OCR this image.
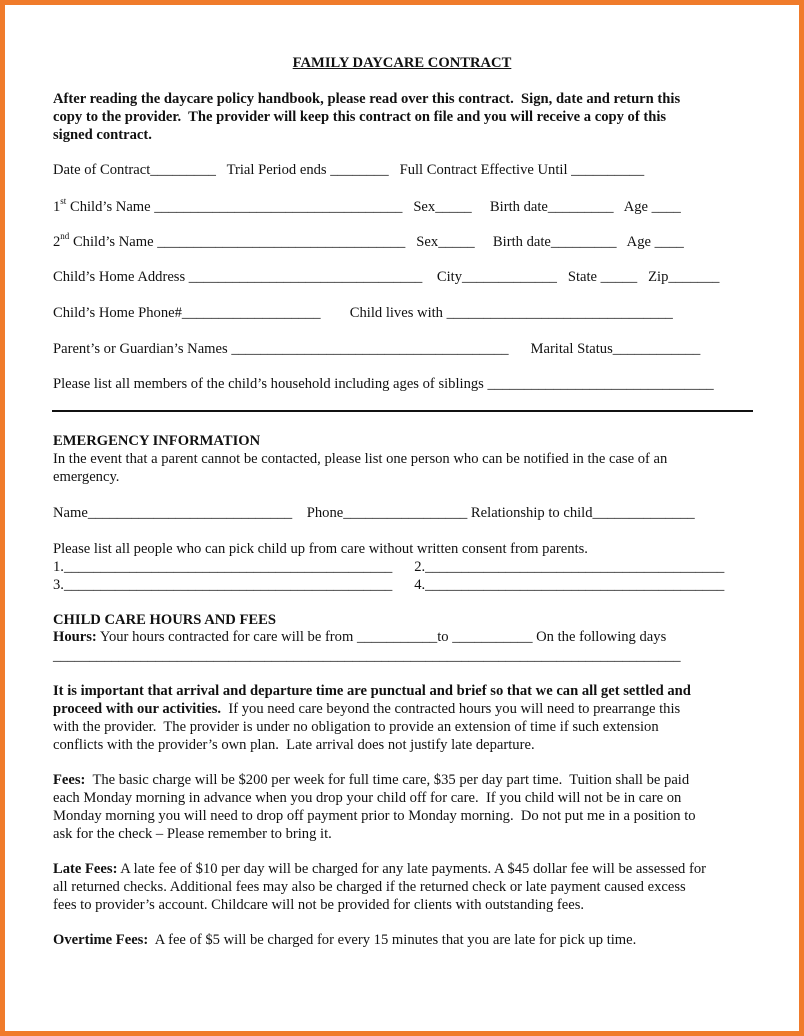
FAMILY DAYCARE CONTRACT
After reading the daycare policy handbook, please read over this contract.  Sign, date and return this
copy to the provider.  The provider will keep this contract on file and you will receive a copy of this
signed contract.
Date of Contract_________   Trial Period ends ________   Full Contract Effective Until __________
1st Child’s Name __________________________________   Sex_____     Birth date_________   Age ____
2nd Child’s Name __________________________________   Sex_____     Birth date_________   Age ____
Child’s Home Address ________________________________    City_____________   State _____   Zip_______
Child’s Home Phone#___________________        Child lives with _______________________________
Parent’s or Guardian’s Names ______________________________________      Marital Status____________
Please list all members of the child’s household including ages of siblings _______________________________
EMERGENCY INFORMATION
In the event that a parent cannot be contacted, please list one person who can be notified in the case of an
emergency.
Name____________________________    Phone_________________ Relationship to child______________
Please list all people who can pick child up from care without written consent from parents.
1._____________________________________________      2._________________________________________
3._____________________________________________      4._________________________________________
CHILD CARE HOURS AND FEES
Hours: Your hours contracted for care will be from ___________to ___________ On the following days
______________________________________________________________________________________
It is important that arrival and departure time are punctual and brief so that we can all get settled and
proceed with our activities.  If you need care beyond the contracted hours you will need to prearrange this
with the provider.  The provider is under no obligation to provide an extension of time if such extension
conflicts with the provider’s own plan.  Late arrival does not justify late departure.
Fees:  The basic charge will be $200 per week for full time care, $35 per day part time.  Tuition shall be paid
each Monday morning in advance when you drop your child off for care.  If you child will not be in care on
Monday morning you will need to drop off payment prior to Monday morning.  Do not put me in a position to
ask for the check – Please remember to bring it.
Late Fees: A late fee of $10 per day will be charged for any late payments. A $45 dollar fee will be assessed for
all returned checks. Additional fees may also be charged if the returned check or late payment caused excess
fees to provider’s account. Childcare will not be provided for clients with outstanding fees.
Overtime Fees:  A fee of $5 will be charged for every 15 minutes that you are late for pick up time.
